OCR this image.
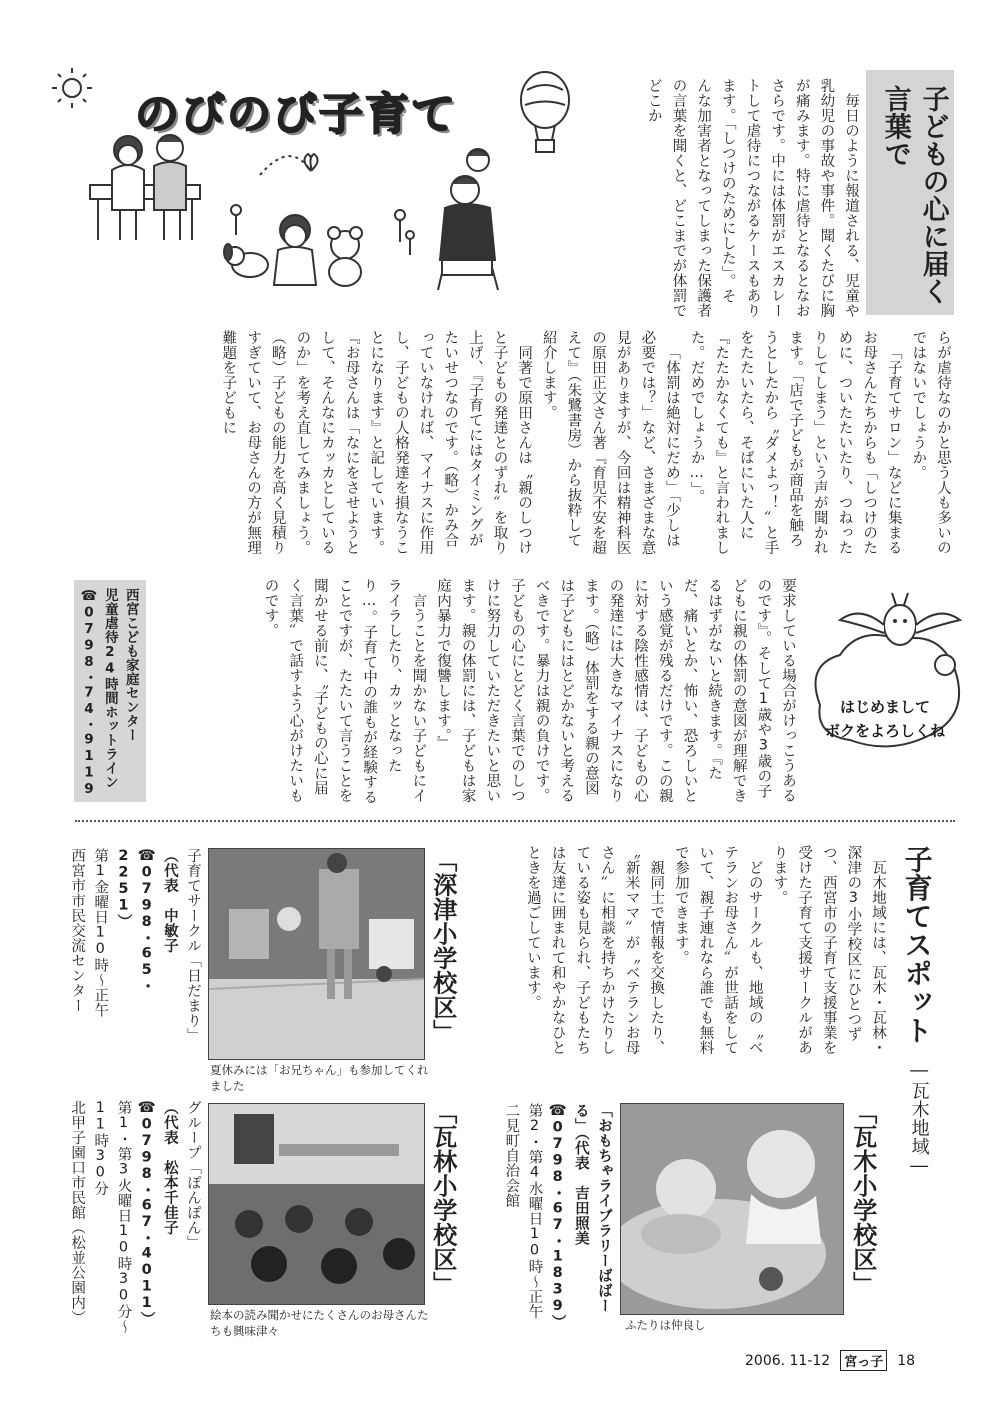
のびのび子育て	子どもの心に届く言葉で

毎日のように報道される、児童や乳幼児の事故や事件。聞くたびに胸が痛みます。特に虐待となるとなおさらです。中には体罰がエスカレートして虐待につながるケースもあります。「しつけのためにした」。そんな加害者となってしまった保護者の言葉を聞くと、どこまでが体罰でどこか

らが虐待なのかと思う人も多いのではないでしょうか。

「子育てサロン」などに集まるお母さんたちからも「しつけのために、ついたたいたり、つねったりしてしまう」という声が聞かれます。「店で子どもが商品を触ろうとしたから〝ダメよっ！〟と手をたたいたら、そばにいた人に『たたかなくても』と言われました。だめでしょうか…」。

「体罰は絶対にだめ」「少しは必要では？」など、さまざまな意見がありますが、今回は精神科医の原田正文さん著『育児不安を超えて』（朱鷺書房）から抜粋して紹介します。

同著で原田さんは〝親のしつけと子どもの発達とのずれ〟を取り上げ、『子育てにはタイミングがたいせつなのです。（略）かみ合っていなければ、マイナスに作用し、子どもの人格発達を損なうことになります』と記しています。『お母さんは「なにをさせようとして、そんなにカッカとしているのか」を考え直してみましょう。（略）子どもの能力を高く見積りすぎていて、お母さんの方が無理難題を子どもに

はじめまして
ボクをよろしくね

要求している場合がけっこうあるのです』。そして1歳や3歳の子どもに親の体罰の意図が理解できるはずがないと続きます。『ただ、痛いとか、怖い、恐ろしいという感覚が残るだけです。この親に対する陰性感情は、子どもの心の発達には大きなマイナスになります。（略）体罰をする親の意図は子どもにはとどかないと考えるべきです。暴力は親の負けです。子どもの心にとどく言葉でのしつけに努力していただきたいと思います。親の体罰には、子どもは家庭内暴力で復讐します。』

言うことを聞かない子どもにイライラしたり、カッとなったり…。子育て中の誰もが経験することですが、たたいて言うことを聞かせる前に、〝子どもの心に届く言葉〟で話すよう心がけたいものです。

西宮こども家庭センター
児童虐待24時間ホットライン
☎0798・74・9119
子育てスポット
―瓦木地域―

瓦木地域には、瓦木・瓦林・深津の3小学校区にひとつずつ、西宮市の子育て支援事業を受けた子育て支援サークルがあります。

どのサークルも、地域の〝ベテランお母さん〟が世話をしていて、親子連れなら誰でも無料で参加できます。

親同士で情報を交換したり、〝新米ママ〟が〝ベテランお母さん〟に相談を持ちかけたりしている姿も見られ、子どもたちは友達に囲まれて和やかなひとときを過ごしています。

「瓦木小学校区」
ふたりは仲良し
「おもちゃライブラリーばばーる」（代表　吉田照美
☎0798・67・1839）
第2・第4水曜日10時～正午
二見町自治会館
「深津小学校区」
夏休みには「お兄ちゃん」も参加してくれました
子育てサークル「日だまり」
（代表　中敏子
☎0798・65・2251）
第1金曜日10時～正午
西宮市市民交流センター
「瓦林小学校区」
絵本の読み聞かせにたくさんのお母さんたちも興味津々
グループ「ぽんぽん」
（代表　松本千佳子
☎0798・67・4011）
第1・第3火曜日10時30分～11時30分
北甲子園口市民館（松並公園内）
2006. 11-12	宮っ子 18
